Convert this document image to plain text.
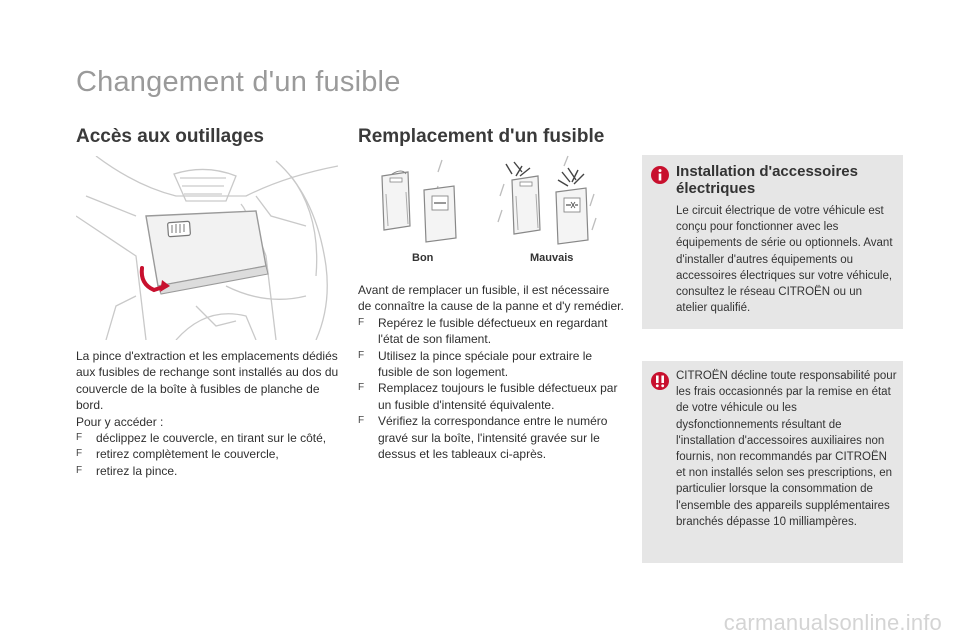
Changement d'un fusible
Accès aux outillages

La pince d'extraction et les emplacements dédiés aux fusibles de rechange sont installés au dos du couvercle de la boîte à fusibles de planche de bord.

Pour y accéder :

F déclippez le couvercle, en tirant sur le côté,
F retirez complètement le couvercle,
F retirez la pince.
Remplacement d'un fusible
Bon	Mauvais

Avant de remplacer un fusible, il est nécessaire de connaître la cause de la panne et d'y remédier.

F Repérez le fusible défectueux en regardant l'état de son filament.
F Utilisez la pince spéciale pour extraire le fusible de son logement.
F Remplacez toujours le fusible défectueux par un fusible d'intensité équivalente.
F Vérifiez la correspondance entre le numéro gravé sur la boîte, l'intensité gravée sur le dessus et les tableaux ci-après.
Installation d'accessoires électriques
Le circuit électrique de votre véhicule est conçu pour fonctionner avec les équipements de série ou optionnels. Avant d'installer d'autres équipements ou accessoires électriques sur votre véhicule, consultez le réseau CITROËN ou un atelier qualifié.
CITROËN décline toute responsabilité pour les frais occasionnés par la remise en état de votre véhicule ou les dysfonctionnements résultant de l'installation d'accessoires auxiliaires non fournis, non recommandés par CITROËN et non installés selon ses prescriptions, en particulier lorsque la consommation de l'ensemble des appareils supplémentaires branchés dépasse 10 milliampères.
carmanualsonline.info
